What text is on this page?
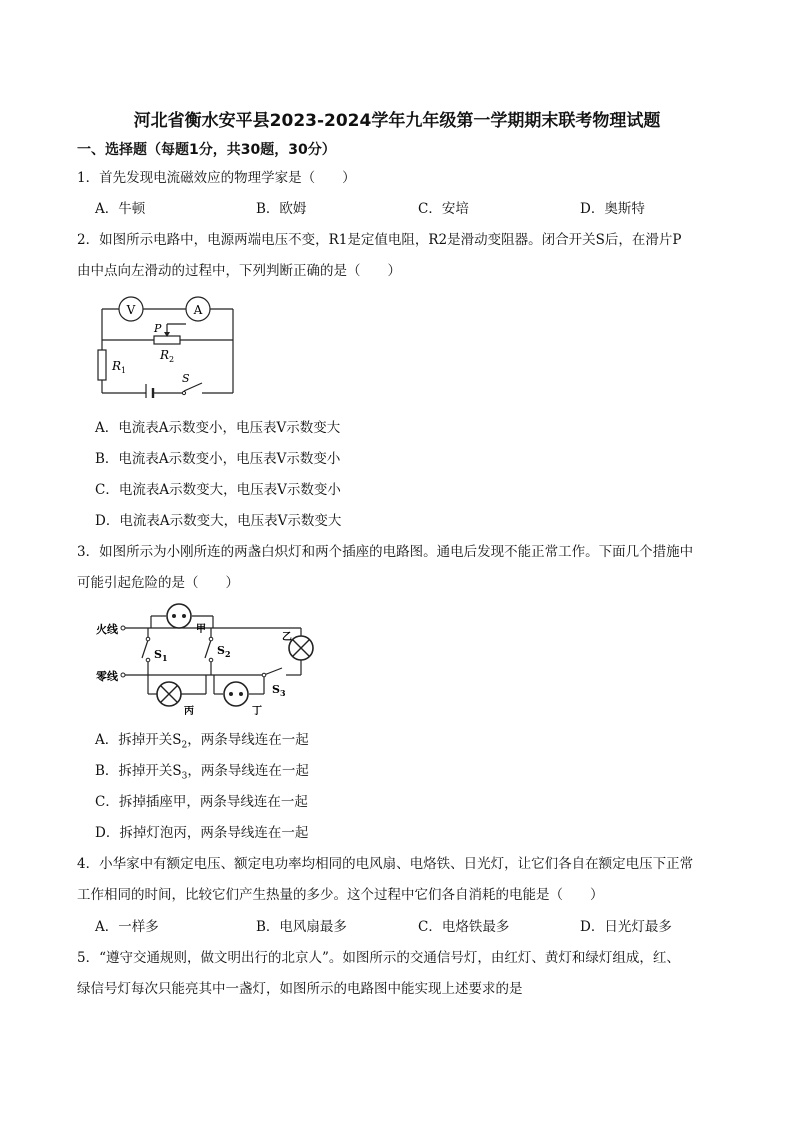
河北省衡水安平县2023-2024学年九年级第一学期期末联考物理试题
一、选择题（每题1分，共30题，30分）
1．首先发现电流磁效应的物理学家是（　　）
A．牛顿	B．欧姆	C．安培	D．奥斯特
2．如图所示电路中，电源两端电压不变，R1是定值电阻，R2是滑动变阻器。闭合开关S后，在滑片P
由中点向左滑动的过程中，下列判断正确的是（　　）
V	A
P
R 2
R 1
S
A．电流表A示数变小，电压表V示数变大
B．电流表A示数变小，电压表V示数变小
C．电流表A示数变大，电压表V示数变小
D．电流表A示数变大，电压表V示数变大
3．如图所示为小刚所连的两盏白炽灯和两个插座的电路图。通电后发现不能正常工作。下面几个措施中
可能引起危险的是（　　）
火线
零线
甲
乙
丙	丁
S 1
S 2
S 3
A．拆掉开关$S_2$，两条导线连在一起
B．拆掉开关$S_3$，两条导线连在一起
C．拆掉插座甲，两条导线连在一起
D．拆掉灯泡丙，两条导线连在一起
4．小华家中有额定电压、额定电功率均相同的电风扇、电烙铁、日光灯，让它们各自在额定电压下正常
工作相同的时间，比较它们产生热量的多少。这个过程中它们各自消耗的电能是（　　）
A．一样多	B．电风扇最多	C．电烙铁最多	D．日光灯最多
5．“遵守交通规则，做文明出行的北京人”。如图所示的交通信号灯，由红灯、黄灯和绿灯组成，红、
绿信号灯每次只能亮其中一盏灯，如图所示的电路图中能实现上述要求的是
